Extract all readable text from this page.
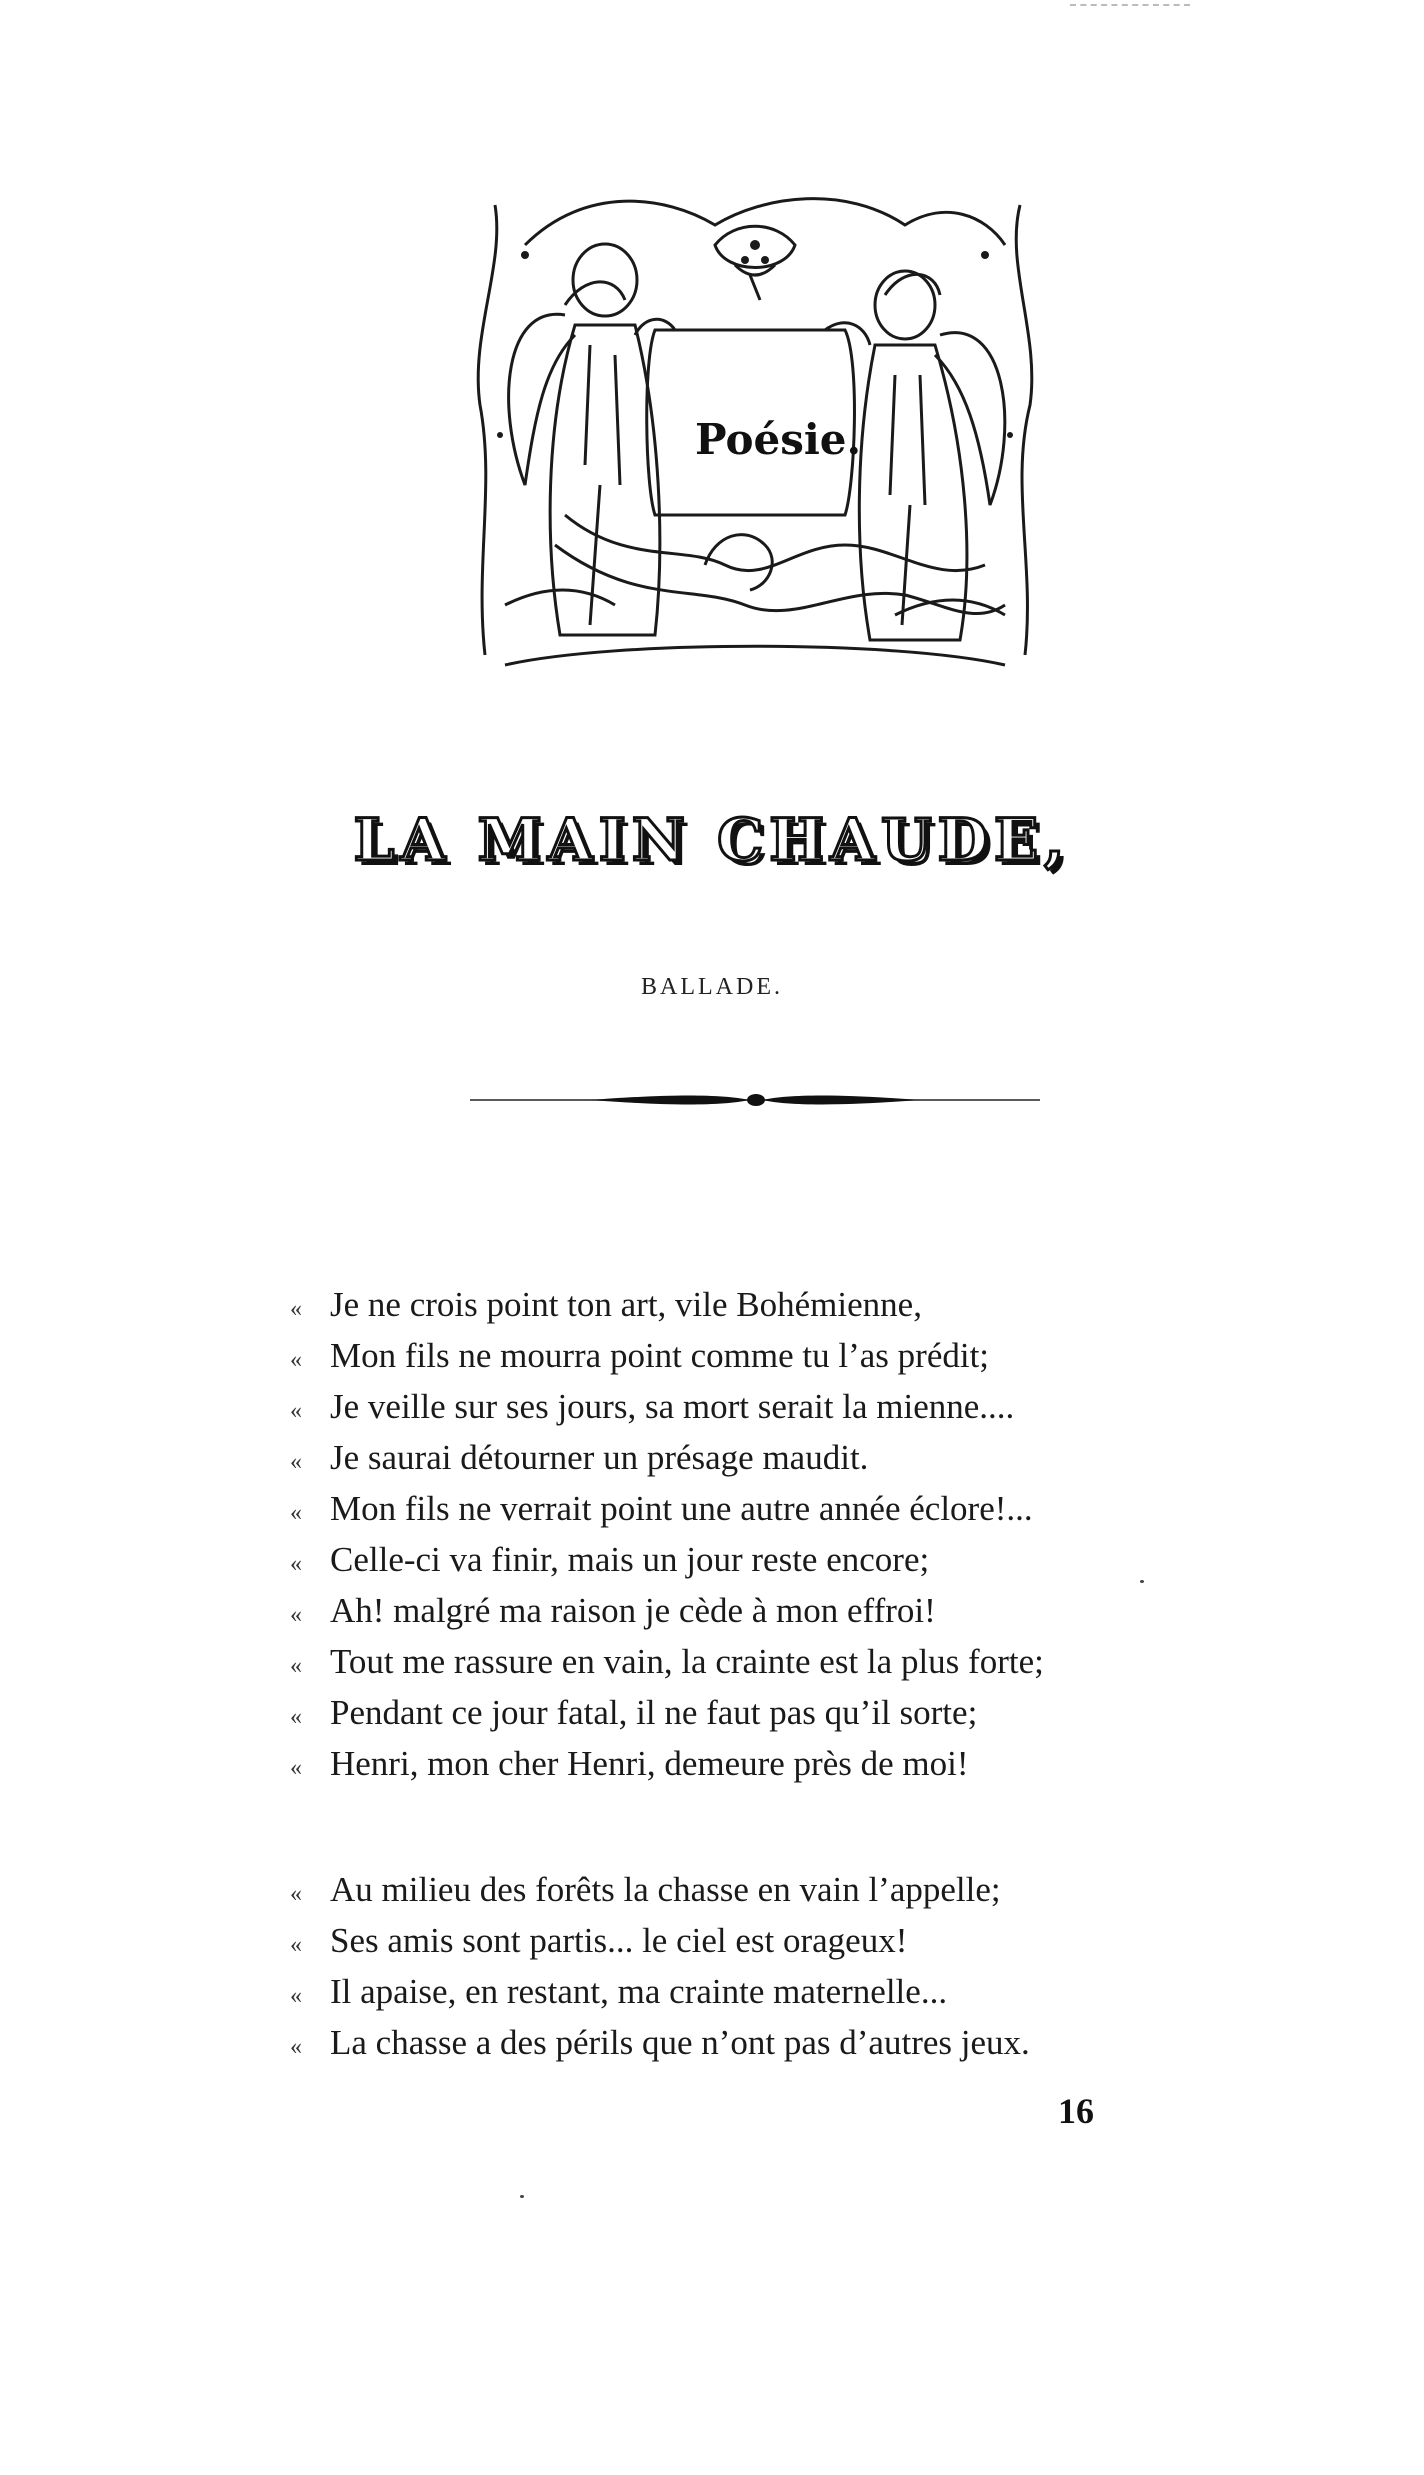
Poésie.
LA MAIN CHAUDE,
BALLADE.
« Je ne crois point ton art, vile Bohémienne,
« Mon fils ne mourra point comme tu l’as prédit;
« Je veille sur ses jours, sa mort serait la mienne....
« Je saurai détourner un présage maudit.
« Mon fils ne verrait point une autre année éclore!...
« Celle-ci va finir, mais un jour reste encore;
« Ah! malgré ma raison je cède à mon effroi!
« Tout me rassure en vain, la crainte est la plus forte;
« Pendant ce jour fatal, il ne faut pas qu’il sorte;
« Henri, mon cher Henri, demeure près de moi!
« Au milieu des forêts la chasse en vain l’appelle;
« Ses amis sont partis... le ciel est orageux!
« Il apaise, en restant, ma crainte maternelle...
« La chasse a des périls que n’ont pas d’autres jeux.
16
